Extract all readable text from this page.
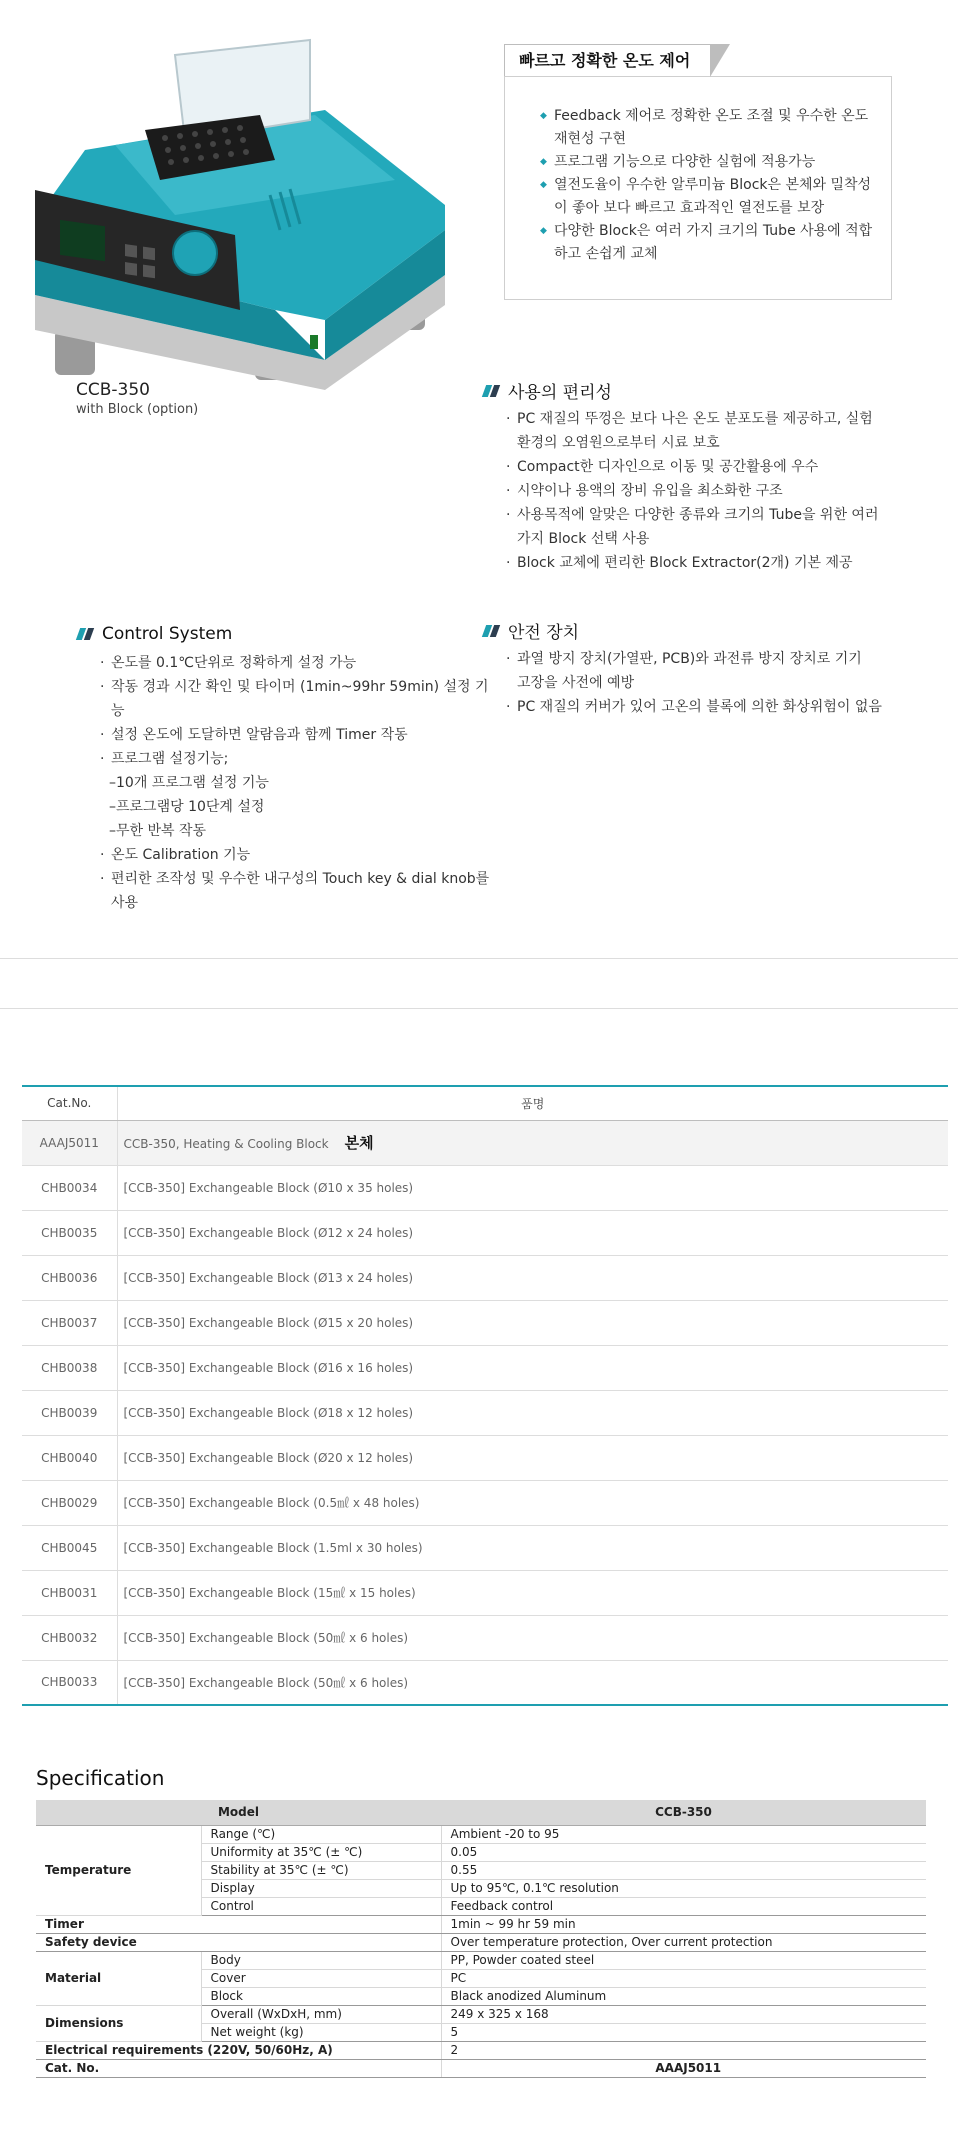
CCB-350
with Block (option)
빠르고 정확한 온도 제어
◆ Feedback 제어로 정확한 온도 조절 및 우수한 온도 재현성 구현
◆ 프로그램 기능으로 다양한 실험에 적용가능
◆ 열전도율이 우수한 알루미늄 Block은 본체와 밀착성이 좋아 보다 빠르고 효과적인 열전도를 보장
◆ 다양한 Block은 여러 가지 크기의 Tube 사용에 적합하고 손쉽게 교체
사용의 편리성
· PC 재질의 뚜껑은 보다 나은 온도 분포도를 제공하고, 실험
환경의 오염원으로부터 시료 보호
· Compact한 디자인으로 이동 및 공간활용에 우수
· 시약이나 용액의 장비 유입을 최소화한 구조
· 사용목적에 알맞은 다양한 종류와 크기의 Tube을 위한 여러
가지 Block 선택 사용
· Block 교체에 편리한 Block Extractor(2개) 기본 제공
Control System
· 온도를 0.1℃단위로 정확하게 설정 가능
· 작동 경과 시간 확인 및 타이머 (1min~99hr 59min) 설정 기능
· 설정 온도에 도달하면 알람음과 함께 Timer 작동
· 프로그램 설정기능;
–10개 프로그램 설정 기능
–프로그램당 10단계 설정
–무한 반복 작동
· 온도 Calibration 기능
· 편리한 조작성 및 우수한 내구성의 Touch key & dial knob를 사용
안전 장치
· 과열 방지 장치(가열판, PCB)와 과전류 방지 장치로 기기
고장을 사전에 예방
· PC 재질의 커버가 있어 고온의 블록에 의한 화상위험이 없음
Cat.No.	품명
AAAJ5011	CCB-350, Heating & Cooling Block 본체
CHB0034	[CCB-350] Exchangeable Block (Ø10 x 35 holes)
CHB0035	[CCB-350] Exchangeable Block (Ø12 x 24 holes)
CHB0036	[CCB-350] Exchangeable Block (Ø13 x 24 holes)
CHB0037	[CCB-350] Exchangeable Block (Ø15 x 20 holes)
CHB0038	[CCB-350] Exchangeable Block (Ø16 x 16 holes)
CHB0039	[CCB-350] Exchangeable Block (Ø18 x 12 holes)
CHB0040	[CCB-350] Exchangeable Block (Ø20 x 12 holes)
CHB0029	[CCB-350] Exchangeable Block (0.5㎖ x 48 holes)
CHB0045	[CCB-350] Exchangeable Block (1.5ml x 30 holes)
CHB0031	[CCB-350] Exchangeable Block (15㎖ x 15 holes)
CHB0032	[CCB-350] Exchangeable Block (50㎖ x 6 holes)
CHB0033	[CCB-350] Exchangeable Block (50㎖ x 6 holes)
Specification
Model		CCB-350
Temperature	Range (℃)	Ambient -20 to 95
	Uniformity at 35℃ (± ℃)	0.05
	Stability at 35℃ (± ℃)	0.55
	Display	Up to 95℃, 0.1℃ resolution
	Control	Feedback control
Timer		1min ~ 99 hr 59 min
Safety device		Over temperature protection, Over current protection
Material	Body	PP, Powder coated steel
	Cover	PC
	Block	Black anodized Aluminum
Dimensions	Overall (WxDxH, mm)	249 x 325 x 168
	Net weight (kg)	5
Electrical requirements (220V, 50/60Hz, A)		2
Cat. No.		AAAJ5011
